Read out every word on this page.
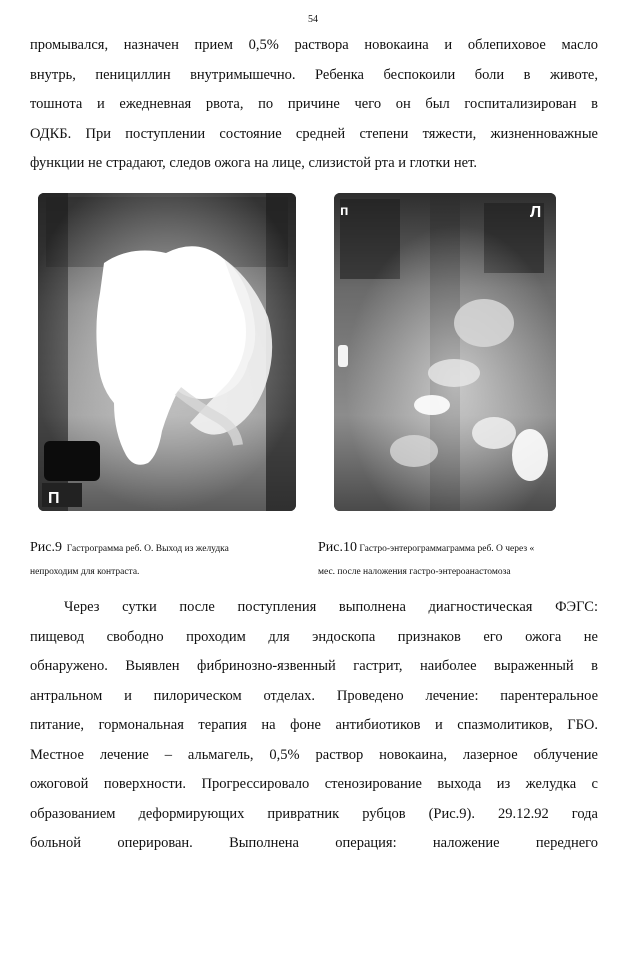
54
промывался, назначен прием 0,5% раствора новокаина и облепиховое масло
внутрь, пенициллин внутримышечно. Ребенка беспокоили боли в животе,
тошнота и ежедневная рвота, по причине чего он был госпитализирован в
ОДКБ. При поступлении состояние средней степени тяжести, жизненноважные
функции не страдают, следов ожога на лице, слизистой рта и глотки нет.
П
п	Л

Рис.9 Гастрограмма реб. О. Выход из желудка
непроходим для контраста.

Рис.10 Гастро-энтерограммаграмма реб. О через «
мес. после наложения гастро-энтероанастомоза

Через сутки после поступления выполнена диагностическая ФЭГС:
пищевод свободно проходим для эндоскопа признаков его ожога не
обнаружено. Выявлен фибринозно-язвенный гастрит, наиболее выраженный в
антральном и пилорическом отделах. Проведено лечение: парентеральное
питание, гормональная терапия на фоне антибиотиков и спазмолитиков, ГБО.
Местное лечение – альмагель, 0,5% раствор новокаина, лазерное облучение
ожоговой поверхности. Прогрессировало стенозирование выхода из желудка с
образованием деформирующих привратник рубцов (Рис.9). 29.12.92 года
больной оперирован. Выполнена операция: наложение переднего
